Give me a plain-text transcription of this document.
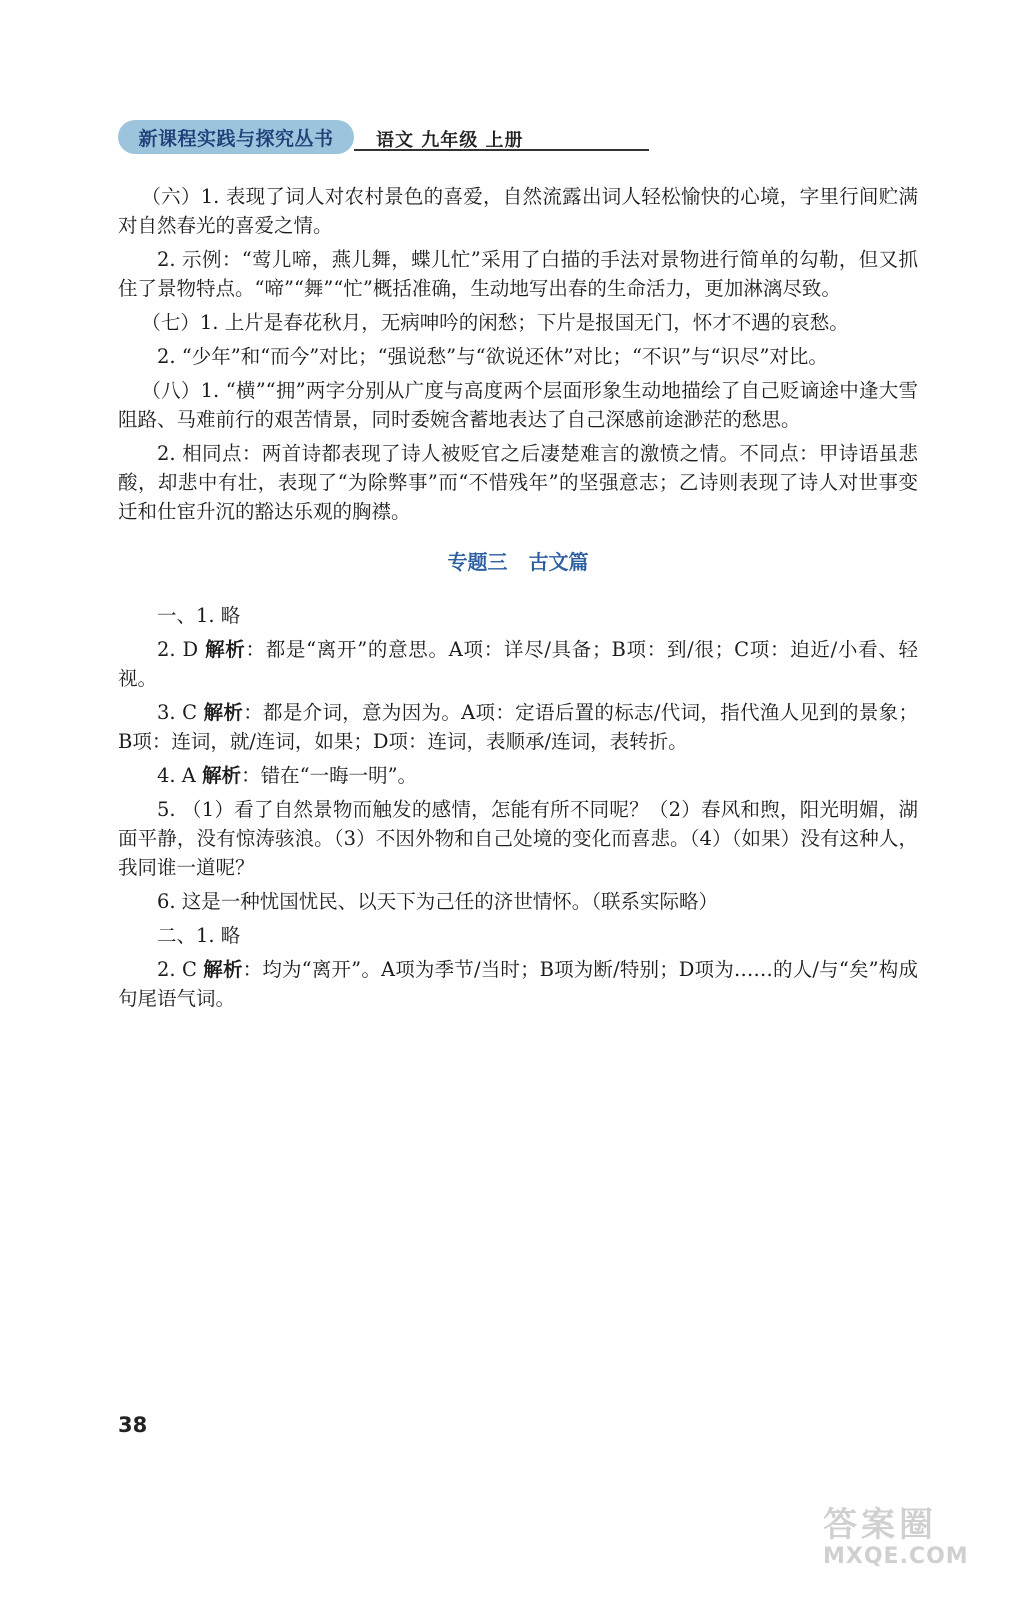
新课程实践与探究丛书	语文 九年级 上册

（六）1. 表现了词人对农村景色的喜爱，自然流露出词人轻松愉快的心境，字里行间贮满对自然春光的喜爱之情。

2. 示例：“莺儿啼，燕儿舞，蝶儿忙”采用了白描的手法对景物进行简单的勾勒，但又抓住了景物特点。“啼”“舞”“忙”概括准确，生动地写出春的生命活力，更加淋漓尽致。

（七）1. 上片是春花秋月，无病呻吟的闲愁；下片是报国无门，怀才不遇的哀愁。

2. “少年”和“而今”对比；“强说愁”与“欲说还休”对比；“不识”与“识尽”对比。

（八）1. “横”“拥”两字分别从广度与高度两个层面形象生动地描绘了自己贬谪途中逢大雪阻路、马难前行的艰苦情景，同时委婉含蓄地表达了自己深感前途渺茫的愁思。

2. 相同点：两首诗都表现了诗人被贬官之后凄楚难言的激愤之情。不同点：甲诗语虽悲酸，却悲中有壮，表现了“为除弊事”而“不惜残年”的坚强意志；乙诗则表现了诗人对世事变迁和仕宦升沉的豁达乐观的胸襟。

专题三 古文篇

一、1. 略

2. D 解析：都是“离开”的意思。A项：详尽/具备；B项：到/很；C项：迫近/小看、轻视。

3. C 解析：都是介词，意为因为。A项：定语后置的标志/代词，指代渔人见到的景象；B项：连词，就/连词，如果；D项：连词，表顺承/连词，表转折。

4. A 解析：错在“一晦一明”。

5. （1）看了自然景物而触发的感情，怎能有所不同呢？（2）春风和煦，阳光明媚，湖面平静，没有惊涛骇浪。（3）不因外物和自己处境的变化而喜悲。（4）（如果）没有这种人，我同谁一道呢？

6. 这是一种忧国忧民、以天下为己任的济世情怀。（联系实际略）

二、1. 略

2. C 解析：均为“离开”。A项为季节/当时；B项为断/特别；D项为……的人/与“矣”构成句尾语气词。

38
答案圈
MXQE.COM
